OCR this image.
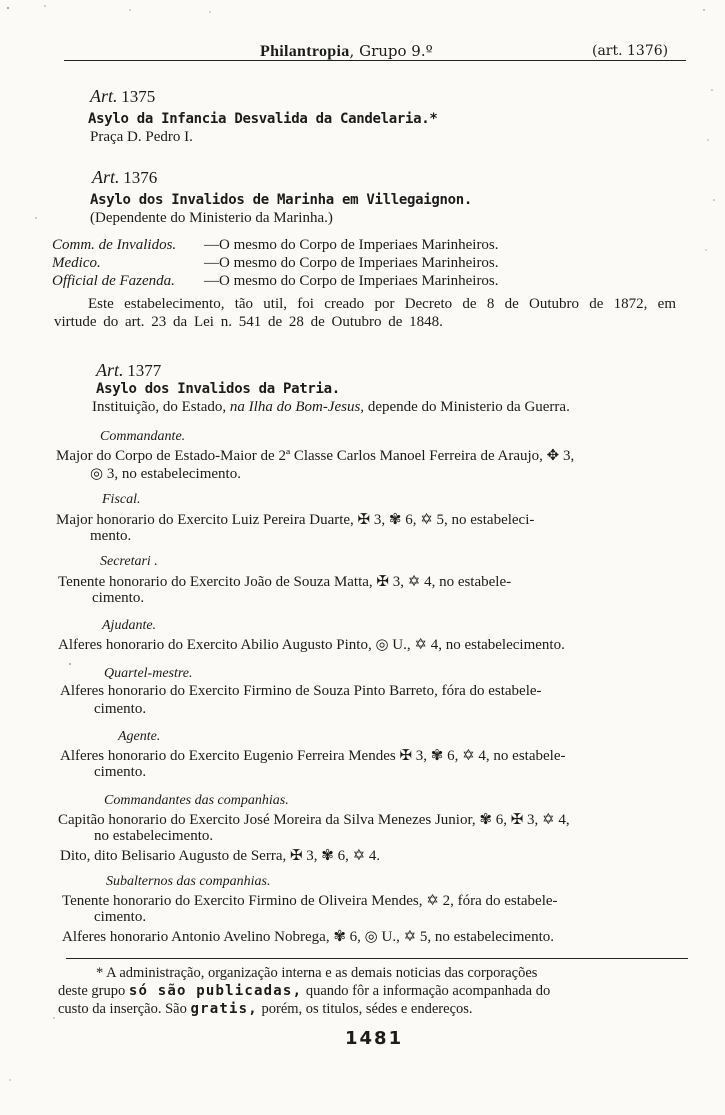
Philantropia, Grupo 9.º	(art. 1376)
Art. 1375
Asylo da Infancia Desvalida da Candelaria.*
Praça D. Pedro I.
Art. 1376
Asylo dos Invalidos de Marinha em Villegaignon.
(Dependente do Ministerio da Marinha.)
Comm. de Invalidos. —O mesmo do Corpo de Imperiaes Marinheiros.
Medico.	—O mesmo do Corpo de Imperiaes Marinheiros.
Official de Fazenda. —O mesmo do Corpo de Imperiaes Marinheiros.
Este estabelecimento, tão util, foi creado por Decreto de 8 de Outubro de 1872, em
virtude do art. 23 da Lei n. 541 de 28 de Outubro de 1848.
Art. 1377
Asylo dos Invalidos da Patria.
Instituição, do Estado, na Ilha do Bom-Jesus, depende do Ministerio da Guerra.
Commandante.
Major do Corpo de Estado-Maior de 2ª Classe Carlos Manoel Ferreira de Araujo, ✥ 3,
◎ 3, no estabelecimento.
Fiscal.
Major honorario do Exercito Luiz Pereira Duarte, ✠ 3, ✾ 6, ✡ 5, no estabeleci-
mento.
Secretari .
Tenente honorario do Exercito João de Souza Matta, ✠ 3, ✡ 4, no estabele-
cimento.
Ajudante.
Alferes honorario do Exercito Abilio Augusto Pinto, ◎ U., ✡ 4, no estabelecimento.
Quartel-mestre.
Alferes honorario do Exercito Firmino de Souza Pinto Barreto, fóra do estabele-
cimento.
Agente.
Alferes honorario do Exercito Eugenio Ferreira Mendes ✠ 3, ✾ 6, ✡ 4, no estabele-
cimento.
Commandantes das companhias.
Capitão honorario do Exercito José Moreira da Silva Menezes Junior, ✾ 6, ✠ 3, ✡ 4,
no estabelecimento.
Dito, dito Belisario Augusto de Serra, ✠ 3, ✾ 6, ✡ 4.
Subalternos das companhias.
Tenente honorario do Exercito Firmino de Oliveira Mendes, ✡ 2, fóra do estabele-
cimento.
Alferes honorario Antonio Avelino Nobrega, ✾ 6, ◎ U., ✡ 5, no estabelecimento.
* A administração, organização interna e as demais noticias das corporações
deste grupo só são publicadas, quando fôr a informação acompanhada do
custo da inserção. São gratis, porém, os titulos, sédes e endereços.
1481
